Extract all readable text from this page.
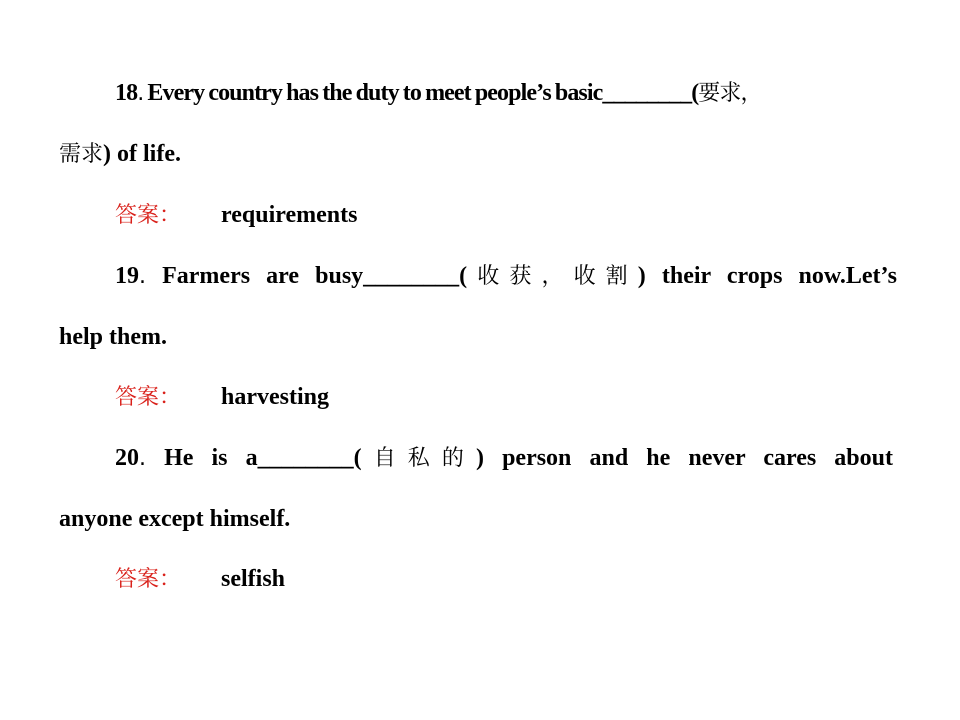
18. Every country has the duty to meet people’s basic________(要求，
需求) of life.
答案： requirements
19. Farmers are busy________(收获，收割) their crops now.Let’s
help them.
答案： harvesting
20. He is a________(自私的) person and he never cares about
anyone except himself.
答案： selfish
